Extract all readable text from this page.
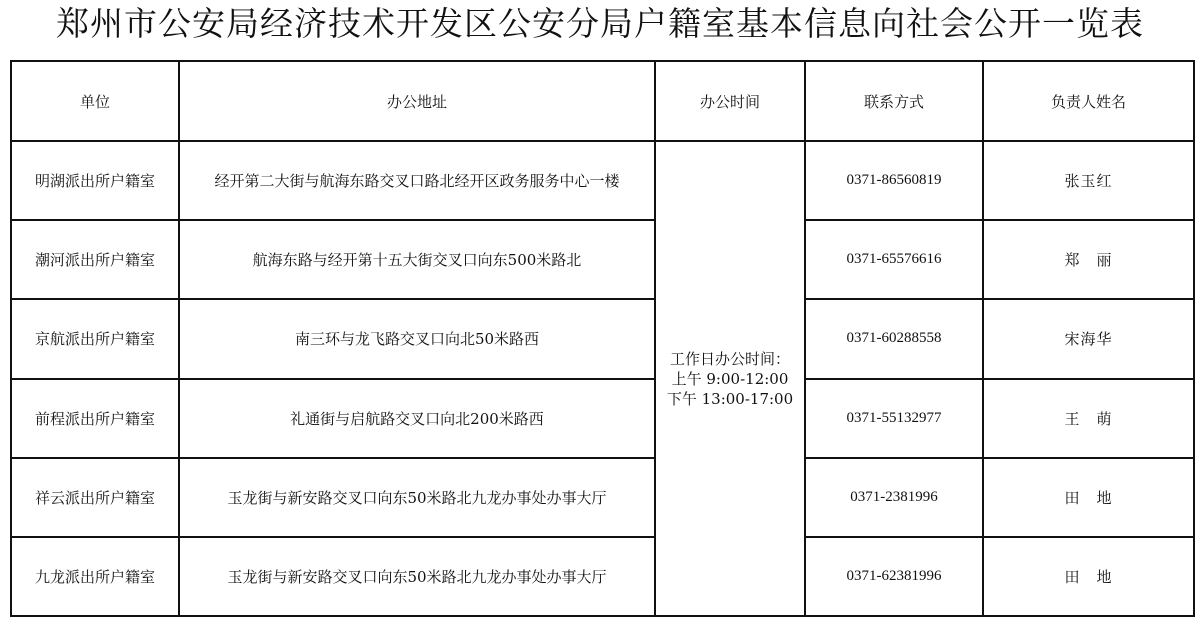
郑州市公安局经济技术开发区公安分局户籍室基本信息向社会公开一览表
单位	办公地址	办公时间	联系方式	负责人姓名
明湖派出所户籍室	经开第二大街与航海东路交叉口路北经开区政务服务中心一楼	工作日办公时间：
上午 9:00-12:00
下午 13:00-17:00	0371-86560819	张玉红
潮河派出所户籍室	航海东路与经开第十五大街交叉口向东500米路北		0371-65576616	郑　丽
京航派出所户籍室	南三环与龙飞路交叉口向北50米路西		0371-60288558	宋海华
前程派出所户籍室	礼通街与启航路交叉口向北200米路西		0371-55132977	王　萌
祥云派出所户籍室	玉龙街与新安路交叉口向东50米路北九龙办事处办事大厅		0371-2381996	田　地
九龙派出所户籍室	玉龙街与新安路交叉口向东50米路北九龙办事处办事大厅		0371-62381996	田　地
